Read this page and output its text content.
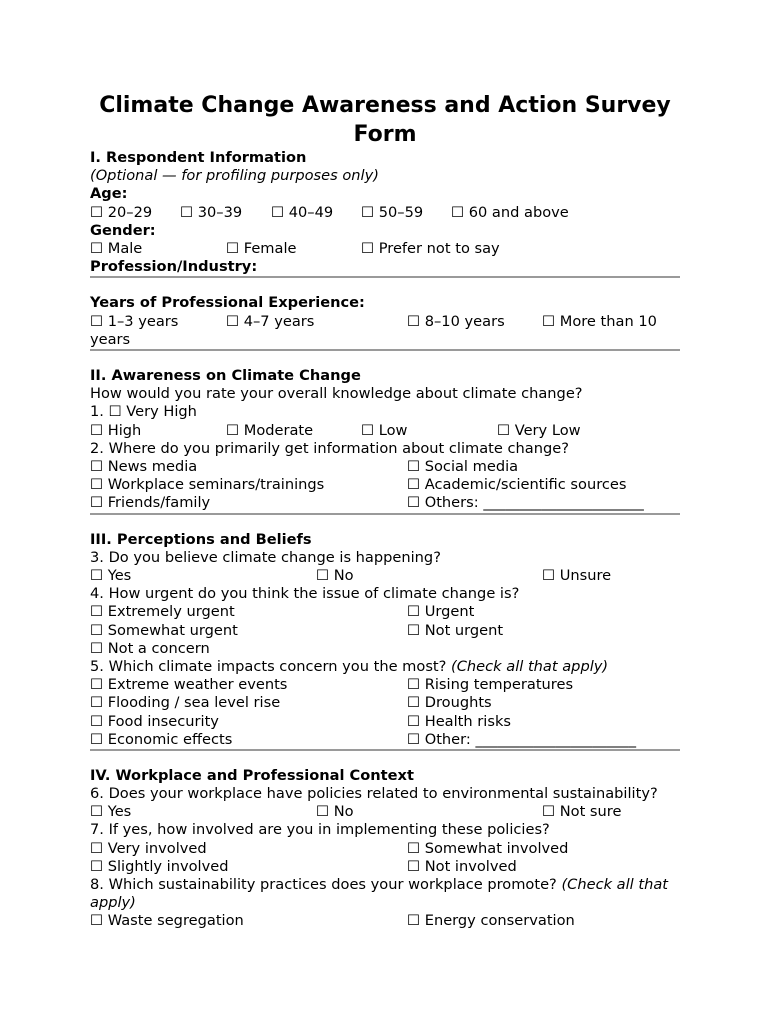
Climate Change Awareness and Action Survey Form
I. Respondent Information
(Optional — for profiling purposes only)
Age:
☐ 20–29 ☐ 30–39 ☐ 40–49 ☐ 50–59 ☐ 60 and above
Gender:
☐ Male	☐ Female	☐ Prefer not to say
Profession/Industry:
Years of Professional Experience:
☐ 1–3 years	☐ 4–7 years	☐ 8–10 years	☐ More than 10
years
II. Awareness on Climate Change
How would you rate your overall knowledge about climate change?
1. ☐ Very High
☐ High	☐ Moderate	☐ Low	☐ Very Low
2. Where do you primarily get information about climate change?
☐ News media	☐ Social media
☐ Workplace seminars/trainings	☐ Academic/scientific sources
☐ Friends/family	☐ Others: ______________________
III. Perceptions and Beliefs
3. Do you believe climate change is happening?
☐ Yes	☐ No	☐ Unsure
4. How urgent do you think the issue of climate change is?
☐ Extremely urgent	☐ Urgent
☐ Somewhat urgent	☐ Not urgent
☐ Not a concern
5. Which climate impacts concern you the most? (Check all that apply)
☐ Extreme weather events	☐ Rising temperatures
☐ Flooding / sea level rise	☐ Droughts
☐ Food insecurity	☐ Health risks
☐ Economic effects	☐ Other: ______________________
IV. Workplace and Professional Context
6. Does your workplace have policies related to environmental sustainability?
☐ Yes	☐ No	☐ Not sure
7. If yes, how involved are you in implementing these policies?
☐ Very involved	☐ Somewhat involved
☐ Slightly involved	☐ Not involved
8. Which sustainability practices does your workplace promote? (Check all that apply)
☐ Waste segregation	☐ Energy conservation
